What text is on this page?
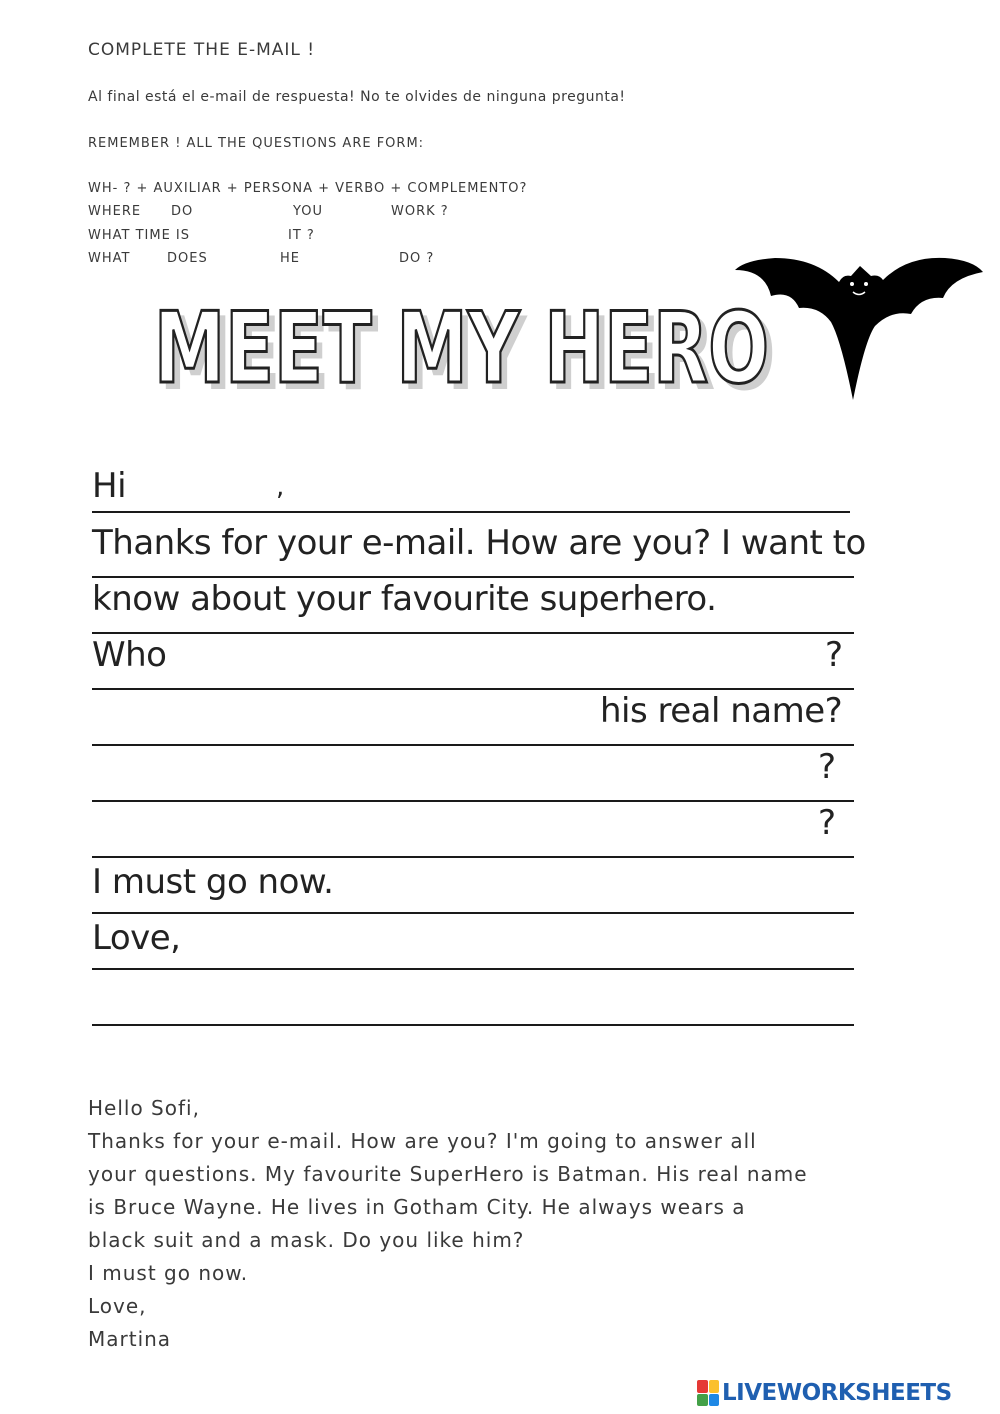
COMPLETE THE E-MAIL !
Al final está el e-mail de respuesta! No te olvides de ninguna pregunta!
REMEMBER ! ALL THE QUESTIONS ARE FORM:
WH- ? + AUXILIAR + PERSONA + VERBO + COMPLEMENTO?
WHERE DO	YOU	WORK ?
WHAT TIME IS	IT ?
WHAT	DOES	HE	DO ?
MEET MY HERO
MEET MY HERO
Hi	,
Thanks for your e-mail. How are you? I want to
know about your favourite superhero.
Who	?
his real name?
?
?
I must go now.
Love,
Hello Sofi,
Thanks for your e-mail. How are you? I'm going to answer all
your questions. My favourite SuperHero is Batman. His real name
is Bruce Wayne. He lives in Gotham City. He always wears a
black suit and a mask. Do you like him?
I must go now.
Love,
Martina
LIVEWORKSHEETS
